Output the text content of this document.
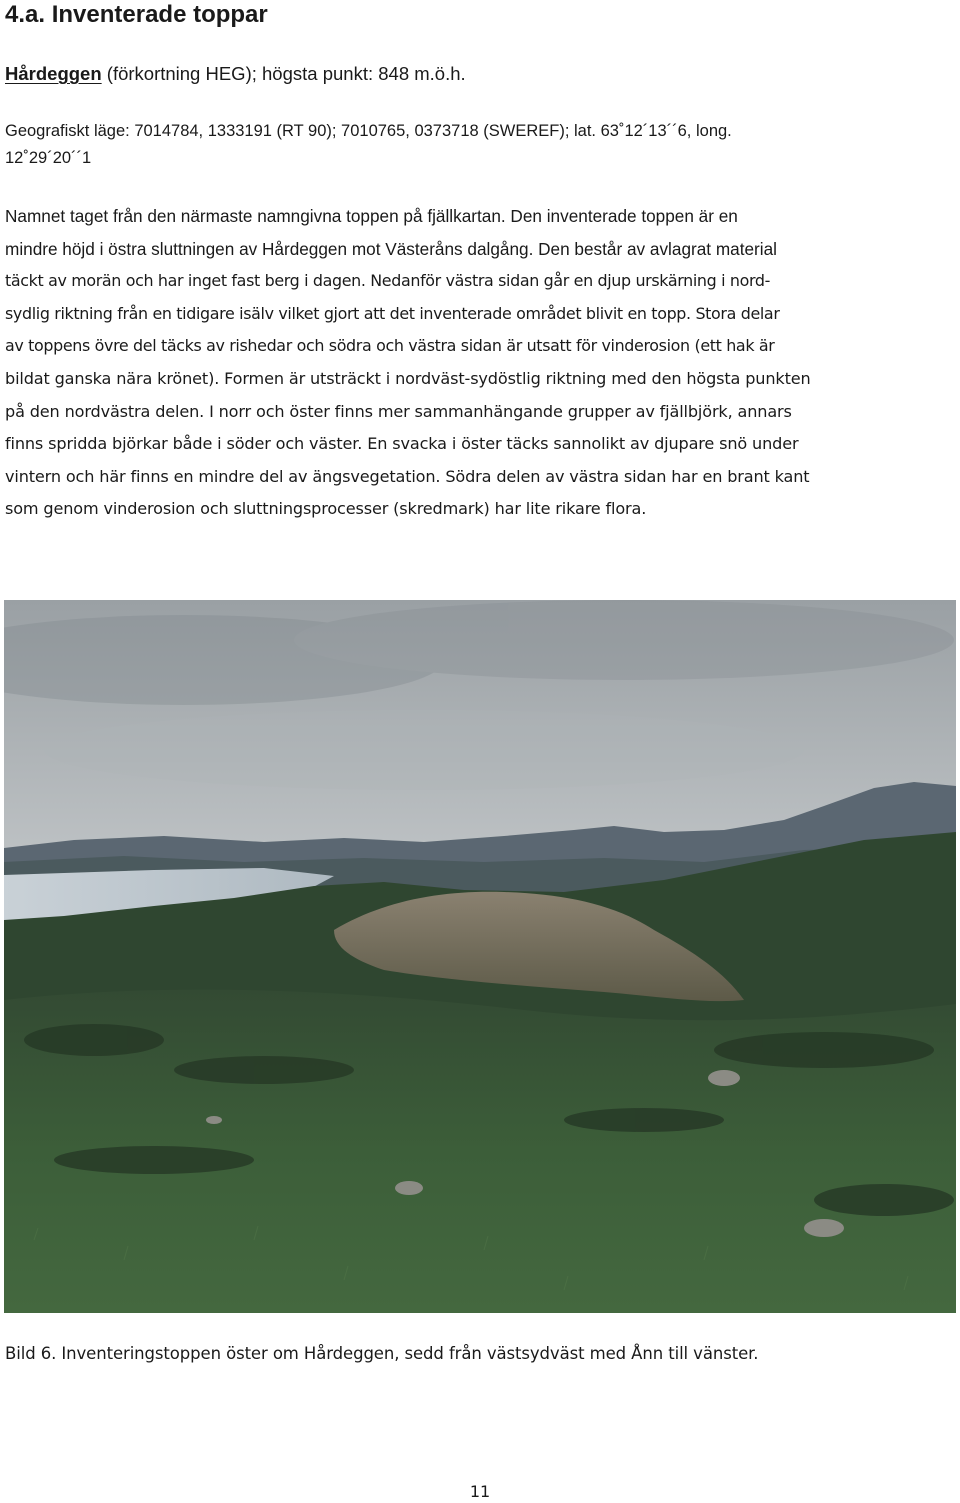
4.a. Inventerade toppar
Hårdeggen (förkortning HEG); högsta punkt: 848 m.ö.h.
Geografiskt läge: 7014784, 1333191 (RT 90); 7010765, 0373718 (SWEREF); lat. 63˚12´13´´6, long.
12˚29´20´´1
Namnet taget från den närmaste namngivna toppen på fjällkartan. Den inventerade toppen är en
mindre höjd i östra sluttningen av Hårdeggen mot Västeråns dalgång. Den består av avlagrat material
täckt av morän och har inget fast berg i dagen. Nedanför västra sidan går en djup urskärning i nord-
sydlig riktning från en tidigare isälv vilket gjort att det inventerade området blivit en topp. Stora delar
av toppens övre del täcks av rishedar och södra och västra sidan är utsatt för vinderosion (ett hak är
bildat ganska nära krönet). Formen är utsträckt i nordväst-sydöstlig riktning med den högsta punkten
på den nordvästra delen. I norr och öster finns mer sammanhängande grupper av fjällbjörk, annars
finns spridda björkar både i söder och väster. En svacka i öster täcks sannolikt av djupare snö under
vintern och här finns en mindre del av ängsvegetation. Södra delen av västra sidan har en brant kant
som genom vinderosion och sluttningsprocesser (skredmark) har lite rikare flora.
Bild 6. Inventeringstoppen öster om Hårdeggen, sedd från västsydväst med Ånn till vänster.
11
